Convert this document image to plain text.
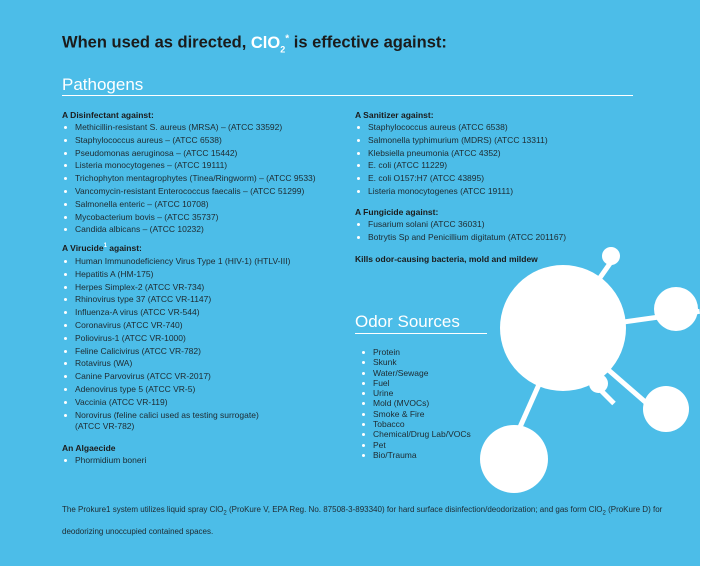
When used as directed, ClO$_2$* is effective against:
Pathogens
A Disinfectant against:
Methicillin-resistant S. aureus (MRSA) – (ATCC 33592)
Staphylococcus aureus – (ATCC 6538)
Pseudomonas aeruginosa – (ATCC 15442)
Listeria monocytogenes – (ATCC 19111)
Trichophyton mentagrophytes (Tinea/Ringworm) – (ATCC 9533)
Vancomycin-resistant Enterococcus faecalis – (ATCC 51299)
Salmonella enteric – (ATCC 10708)
Mycobacterium bovis – (ATCC 35737)
Candida albicans – (ATCC 10232)
A Virucide$^1$ against:
Human Immunodeficiency Virus Type 1 (HIV-1) (HTLV-III)
Hepatitis A (HM-175)
Herpes Simplex-2 (ATCC VR-734)
Rhinovirus type 37 (ATCC VR-1147)
Influenza-A virus (ATCC VR-544)
Coronavirus (ATCC VR-740)
Poliovirus-1 (ATCC VR-1000)
Feline Calicivirus (ATCC VR-782)
Rotavirus (WA)
Canine Parvovirus (ATCC VR-2017)
Adenovirus type 5 (ATCC VR-5)
Vaccinia (ATCC VR-119)
Norovirus (feline calici used as testing surrogate)
(ATCC VR-782)
An Algaecide
Phormidium boneri
A Sanitizer against:
Staphylococcus aureus (ATCC 6538)
Salmonella typhimurium (MDRS) (ATCC 13311)
Klebsiella pneumonia (ATCC 4352)
E. coli (ATCC 11229)
E. coli O157:H7 (ATCC 43895)
Listeria monocytogenes (ATCC 19111)
A Fungicide against:
Fusarium solani (ATCC 36031)
Botrytis Sp and Penicillium digitatum (ATCC 201167)
Kills odor-causing bacteria, mold and mildew
Odor Sources
Protein
Skunk
Water/Sewage
Fuel
Urine
Mold (MVOCs)
Smoke & Fire
Tobacco
Chemical/Drug Lab/VOCs
Pet
Bio/Trauma
The Prokure1 system utilizes liquid spray ClO$_2$ (ProKure V, EPA Reg. No. 87508-3-893340) for hard surface disinfection/deodorization; and gas form ClO$_2$ (ProKure D) for deodorizing unoccupied contained spaces.
